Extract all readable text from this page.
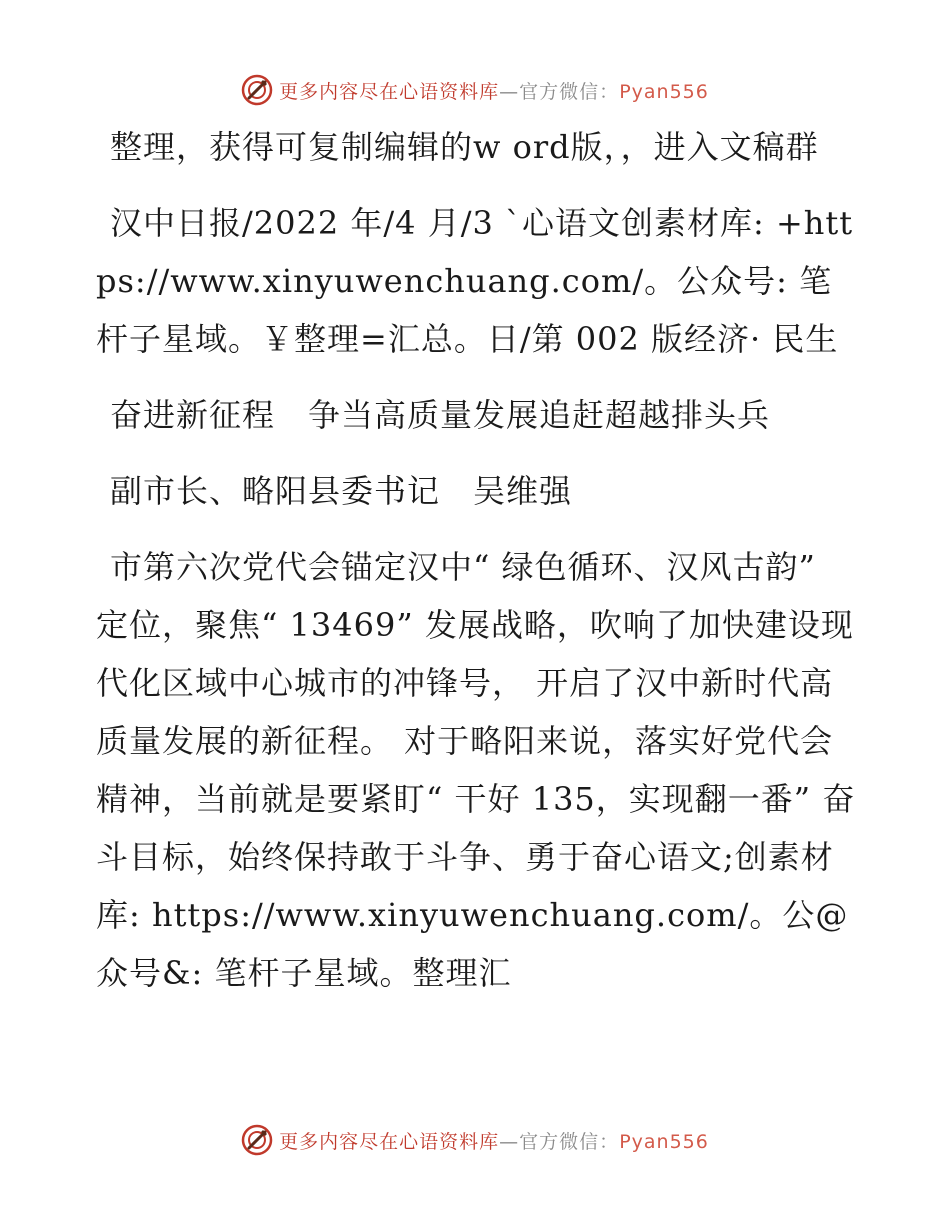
更多内容尽在心语资料库—官方微信：Pyan556

整理，获得可复制编辑的w ord版，，进入文稿群

汉中日报/2022 年/4 月/3 `心语文创素材库: +https://www.xinyuwenchuang.com/。公众号: 笔杆子星域。￥整理=汇总。日/第 002 版经济· 民生

奋进新征程　争当高质量发展追赶超越排头兵

副市长、略阳县委书记　吴维强

市第六次党代会锚定汉中“ 绿色循环、汉风古韵” 定位，聚焦“ 13469” 发展战略，吹响了加快建设现代化区域中心城市的冲锋号， 开启了汉中新时代高质量发展的新征程。 对于略阳来说，落实好党代会精神，当前就是要紧盯“ 干好 135，实现翻一番” 奋斗目标，始终保持敢于斗争、勇于奋心语文;创素材库: https://www.xinyuwenchuang.com/。公@众号&: 笔杆子星域。整理汇

更多内容尽在心语资料库—官方微信：Pyan556
